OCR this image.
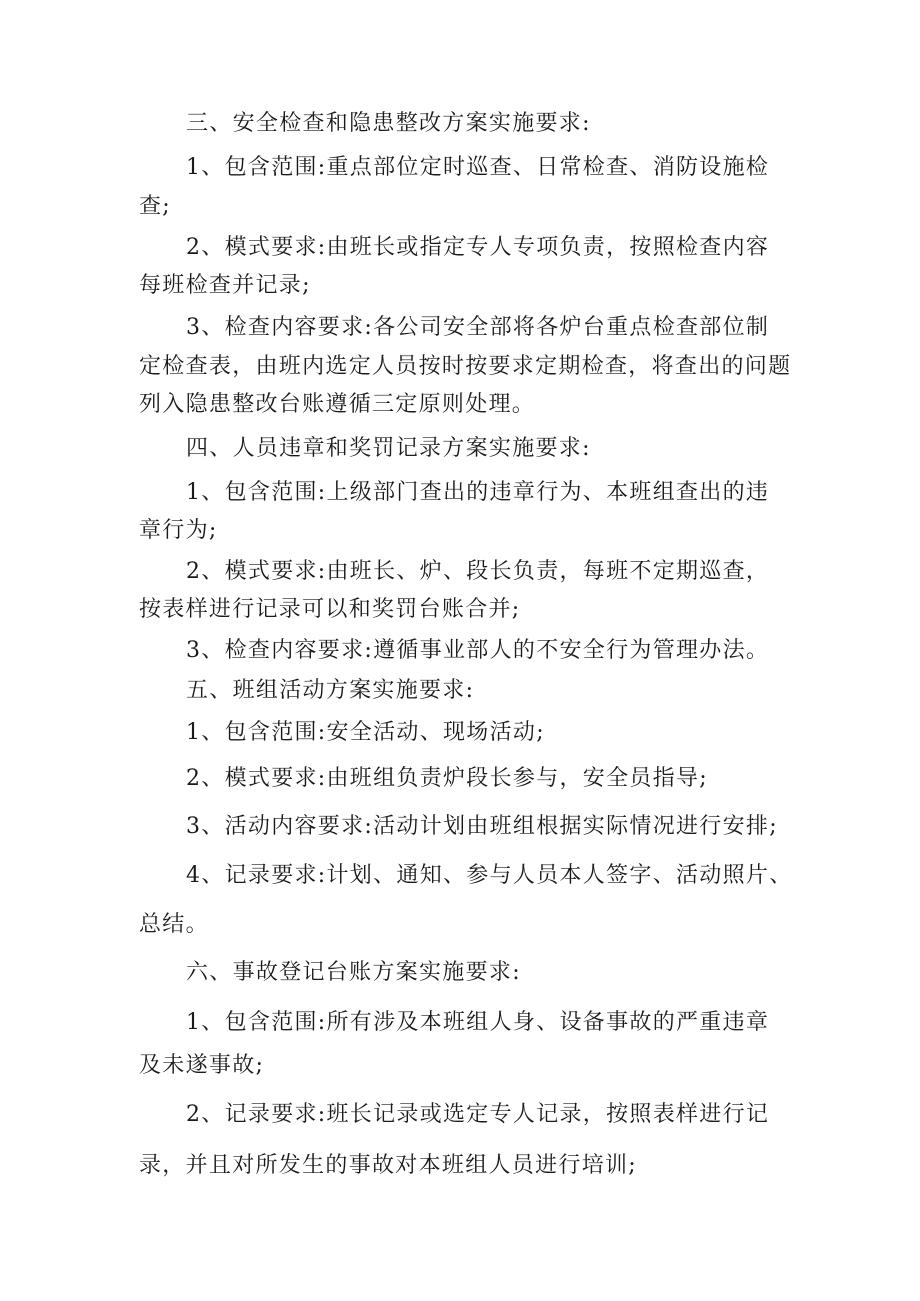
三、安全检查和隐患整改方案实施要求:
1、包含范围:重点部位定时巡查、日常检查、消防设施检
查;
2、模式要求:由班长或指定专人专项负责，按照检查内容
每班检查并记录;
3、检查内容要求:各公司安全部将各炉台重点检查部位制
定检查表，由班内选定人员按时按要求定期检查，将查出的问题
列入隐患整改台账遵循三定原则处理。
四、人员违章和奖罚记录方案实施要求:
1、包含范围:上级部门查出的违章行为、本班组查出的违
章行为;
2、模式要求:由班长、炉、段长负责，每班不定期巡查，
按表样进行记录可以和奖罚台账合并;
3、检查内容要求:遵循事业部人的不安全行为管理办法。
五、班组活动方案实施要求:
1、包含范围:安全活动、现场活动;
2、模式要求:由班组负责炉段长参与，安全员指导;
3、活动内容要求:活动计划由班组根据实际情况进行安排;
4、记录要求:计划、通知、参与人员本人签字、活动照片、
总结。
六、事故登记台账方案实施要求:
1、包含范围:所有涉及本班组人身、设备事故的严重违章
及未遂事故;
2、记录要求:班长记录或选定专人记录，按照表样进行记
录，并且对所发生的事故对本班组人员进行培训;
